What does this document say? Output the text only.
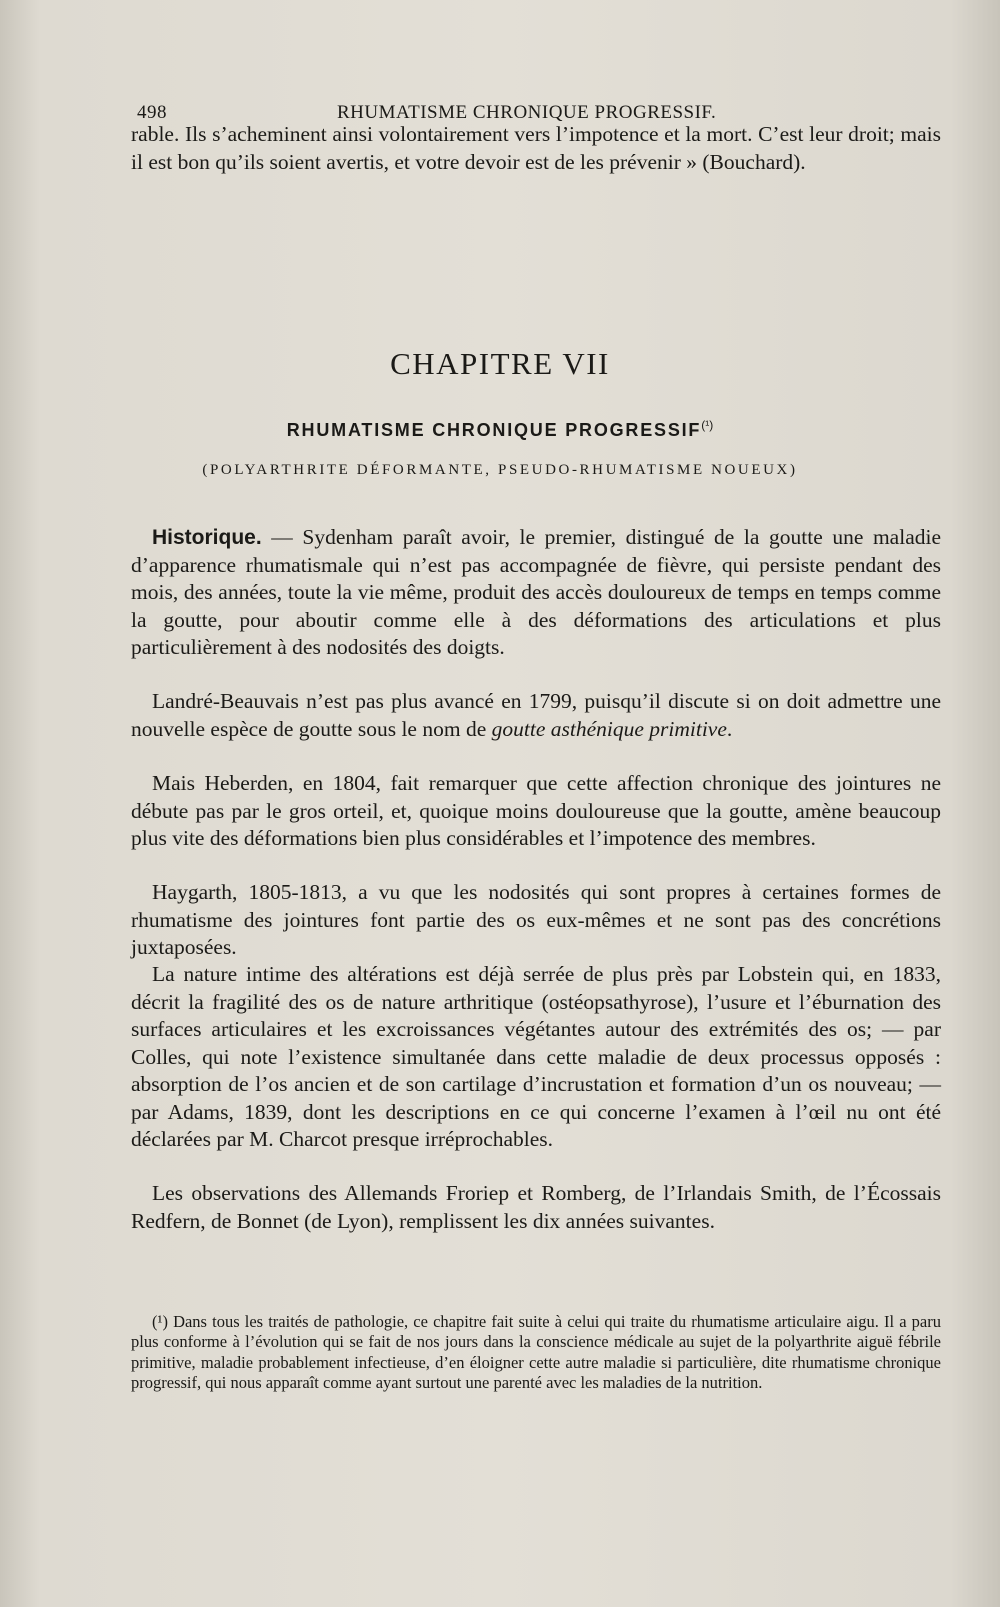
498	RHUMATISME CHRONIQUE PROGRESSIF.

rable. Ils s’acheminent ainsi volontairement vers l’impotence et la mort. C’est leur droit; mais il est bon qu’ils soient avertis, et votre devoir est de les prévenir » (Bouchard).

CHAPITRE VII
RHUMATISME CHRONIQUE $PROGRESSIF^{(^1)}$
(POLYARTHRITE DÉFORMANTE, PSEUDO-RHUMATISME NOUEUX)

Historique. — Sydenham paraît avoir, le premier, distingué de la goutte une maladie d’apparence rhumatismale qui n’est pas accompagnée de fièvre, qui persiste pendant des mois, des années, toute la vie même, produit des accès douloureux de temps en temps comme la goutte, pour aboutir comme elle à des déformations des articulations et plus particulièrement à des nodosités des doigts.

Landré-Beauvais n’est pas plus avancé en 1799, puisqu’il discute si on doit admettre une nouvelle espèce de goutte sous le nom de goutte asthénique primitive.

Mais Heberden, en 1804, fait remarquer que cette affection chronique des jointures ne débute pas par le gros orteil, et, quoique moins douloureuse que la goutte, amène beaucoup plus vite des déformations bien plus considérables et l’impotence des membres.

Haygarth, 1805-1813, a vu que les nodosités qui sont propres à certaines formes de rhumatisme des jointures font partie des os eux-mêmes et ne sont pas des concrétions juxtaposées.

La nature intime des altérations est déjà serrée de plus près par Lobstein qui, en 1833, décrit la fragilité des os de nature arthritique (ostéopsathyrose), l’usure et l’éburnation des surfaces articulaires et les excroissances végétantes autour des extrémités des os; — par Colles, qui note l’existence simultanée dans cette maladie de deux processus opposés : absorption de l’os ancien et de son cartilage d’incrustation et formation d’un os nouveau; — par Adams, 1839, dont les descriptions en ce qui concerne l’examen à l’œil nu ont été déclarées par M. Charcot presque irréprochables.

Les observations des Allemands Froriep et Romberg, de l’Irlandais Smith, de l’Écossais Redfern, de Bonnet (de Lyon), remplissent les dix années suivantes.

(¹) Dans tous les traités de pathologie, ce chapitre fait suite à celui qui traite du rhumatisme articulaire aigu. Il a paru plus conforme à l’évolution qui se fait de nos jours dans la conscience médicale au sujet de la polyarthrite aiguë fébrile primitive, maladie probablement infectieuse, d’en éloigner cette autre maladie si particulière, dite rhumatisme chronique progressif, qui nous apparaît comme ayant surtout une parenté avec les maladies de la nutrition.
